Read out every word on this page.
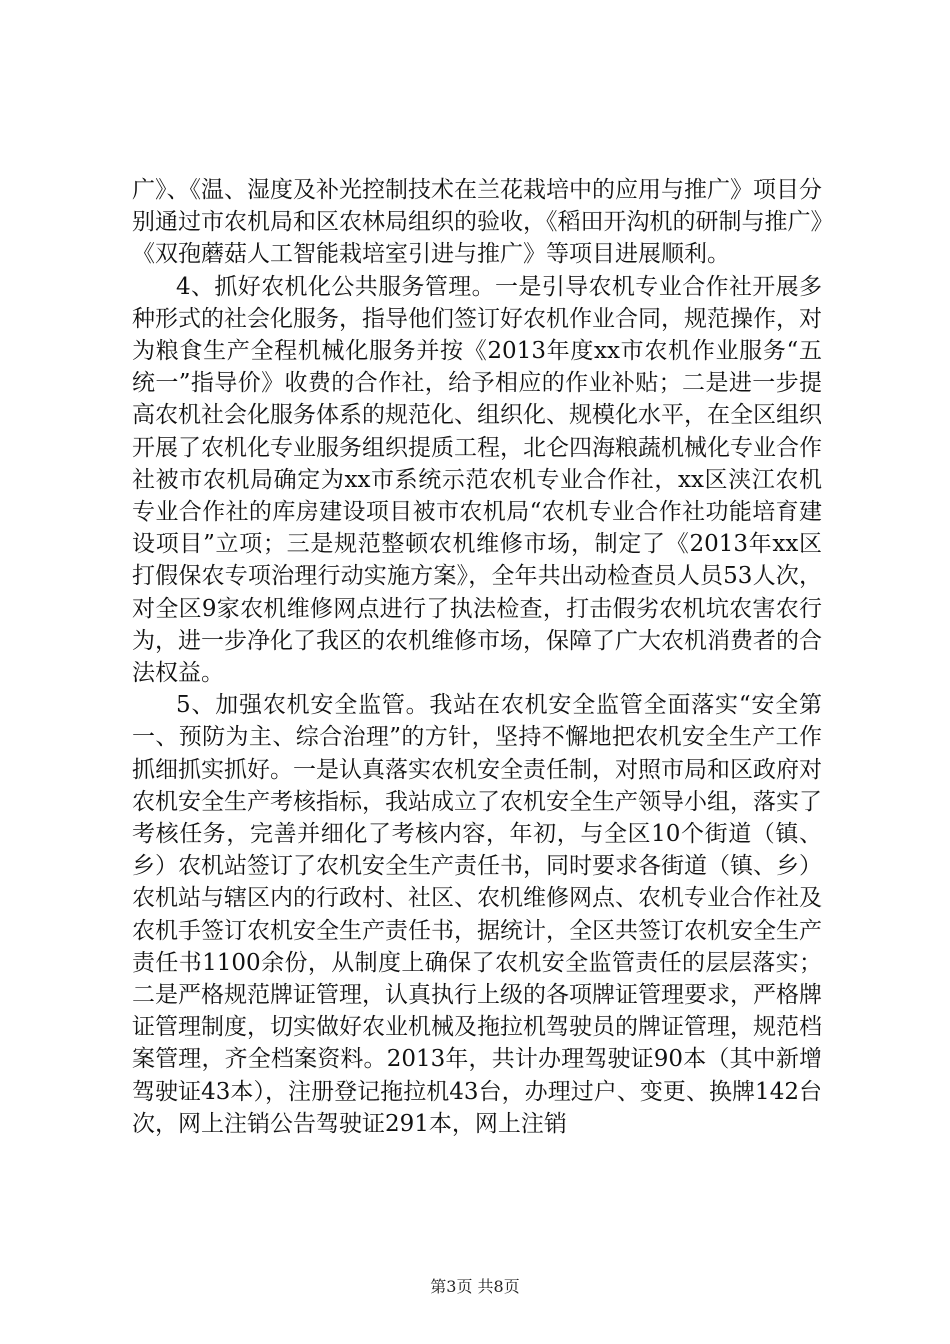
广》、《温、湿度及补光控制技术在兰花栽培中的应用与推广》项目分别通过市农机局和区农林局组织的验收，《稻田开沟机的研制与推广》《双孢蘑菇人工智能栽培室引进与推广》等项目进展顺利。

4、抓好农机化公共服务管理。一是引导农机专业合作社开展多种形式的社会化服务，指导他们签订好农机作业合同，规范操作，对为粮食生产全程机械化服务并按《2013年度xx市农机作业服务“五统一”指导价》收费的合作社，给予相应的作业补贴；二是进一步提高农机社会化服务体系的规范化、组织化、规模化水平，在全区组织开展了农机化专业服务组织提质工程，北仑四海粮蔬机械化专业合作社被市农机局确定为xx市系统示范农机专业合作社，xx区浃江农机专业合作社的库房建设项目被市农机局“农机专业合作社功能培育建设项目”立项；三是规范整顿农机维修市场，制定了《2013年xx区打假保农专项治理行动实施方案》，全年共出动检查员人员53人次，对全区9家农机维修网点进行了执法检查，打击假劣农机坑农害农行为，进一步净化了我区的农机维修市场，保障了广大农机消费者的合法权益。

5、加强农机安全监管。我站在农机安全监管全面落实“安全第一、预防为主、综合治理”的方针，坚持不懈地把农机安全生产工作抓细抓实抓好。一是认真落实农机安全责任制，对照市局和区政府对农机安全生产考核指标，我站成立了农机安全生产领导小组，落实了考核任务，完善并细化了考核内容，年初，与全区10个街道（镇、乡）农机站签订了农机安全生产责任书，同时要求各街道（镇、乡）农机站与辖区内的行政村、社区、农机维修网点、农机专业合作社及农机手签订农机安全生产责任书，据统计，全区共签订农机安全生产责任书1100余份，从制度上确保了农机安全监管责任的层层落实；二是严格规范牌证管理，认真执行上级的各项牌证管理要求，严格牌证管理制度，切实做好农业机械及拖拉机驾驶员的牌证管理，规范档案管理，齐全档案资料。2013年，共计办理驾驶证90本（其中新增驾驶证43本），注册登记拖拉机43台，办理过户、变更、换牌142台次，网上注销公告驾驶证291本，网上注销

第3页 共8页
